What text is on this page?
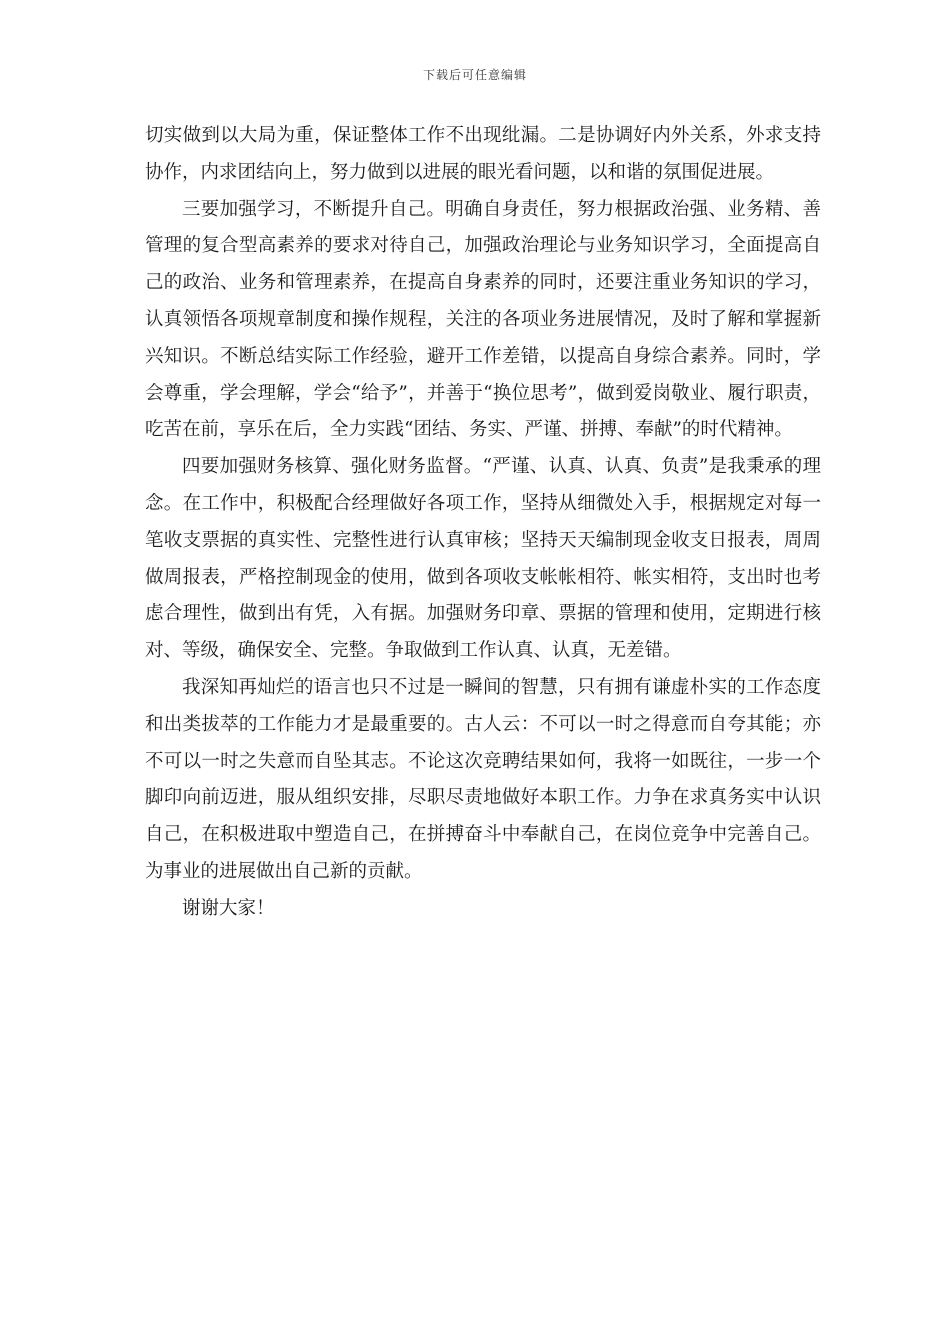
下载后可任意编辑

切实做到以大局为重，保证整体工作不出现纰漏。二是协调好内外关系，外求支持协作，内求团结向上，努力做到以进展的眼光看问题，以和谐的氛围促进展。

三要加强学习，不断提升自己。明确自身责任，努力根据政治强、业务精、善管理的复合型高素养的要求对待自己，加强政治理论与业务知识学习，全面提高自己的政治、业务和管理素养，在提高自身素养的同时，还要注重业务知识的学习，认真领悟各项规章制度和操作规程，关注的各项业务进展情况，及时了解和掌握新兴知识。不断总结实际工作经验，避开工作差错，以提高自身综合素养。同时，学会尊重，学会理解，学会“给予”，并善于“换位思考”，做到爱岗敬业、履行职责，吃苦在前，享乐在后，全力实践“团结、务实、严谨、拼搏、奉献”的时代精神。

四要加强财务核算、强化财务监督。“严谨、认真、认真、负责”是我秉承的理念。在工作中，积极配合经理做好各项工作，坚持从细微处入手，根据规定对每一笔收支票据的真实性、完整性进行认真审核；坚持天天编制现金收支日报表，周周做周报表，严格控制现金的使用，做到各项收支帐帐相符、帐实相符，支出时也考虑合理性，做到出有凭，入有据。加强财务印章、票据的管理和使用，定期进行核对、等级，确保安全、完整。争取做到工作认真、认真，无差错。

我深知再灿烂的语言也只不过是一瞬间的智慧，只有拥有谦虚朴实的工作态度和出类拔萃的工作能力才是最重要的。古人云：不可以一时之得意而自夸其能；亦不可以一时之失意而自坠其志。不论这次竞聘结果如何，我将一如既往，一步一个脚印向前迈进，服从组织安排，尽职尽责地做好本职工作。力争在求真务实中认识自己，在积极进取中塑造自己，在拼搏奋斗中奉献自己，在岗位竞争中完善自己。为事业的进展做出自己新的贡献。

谢谢大家！
